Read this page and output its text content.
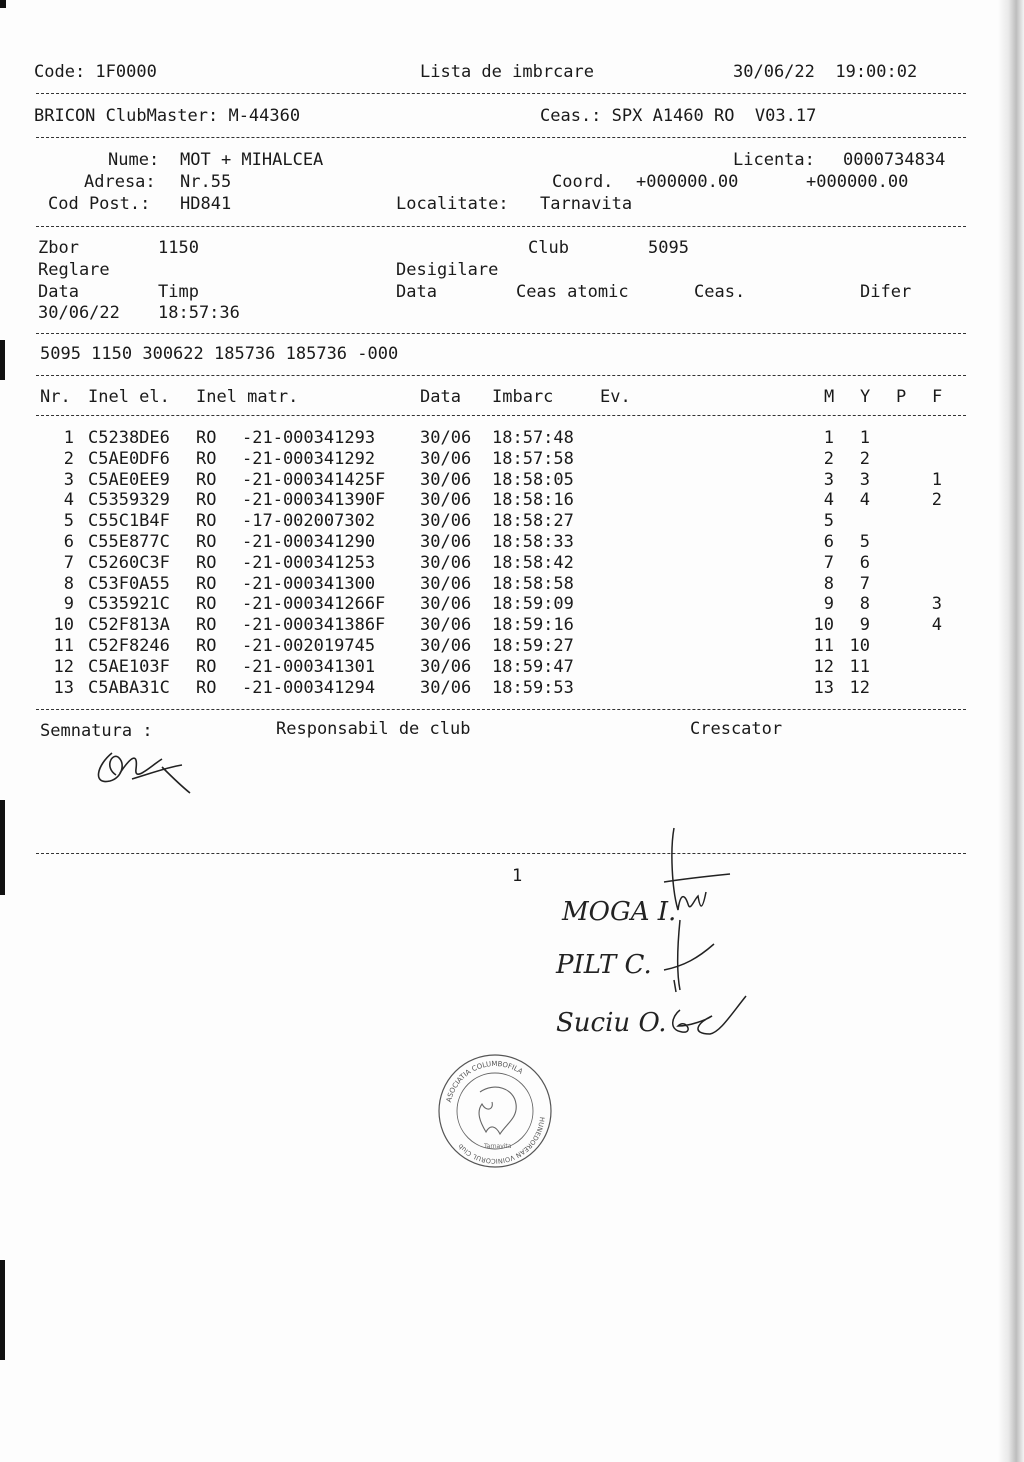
Code: 1F0000	Lista de imbrcare	30/06/22  19:00:02
BRICON ClubMaster: M-44360	Ceas.: SPX A1460 RO  V03.17
Nume: MOT + MIHALCEA	Licenta: 0000734834
Adresa: Nr.55	Coord. +000000.00	+000000.00
Cod Post.: HD841	Localitate: Tarnavita
Zbor	1150	Club	5095
Reglare	Desigilare
Data	Timp	Data	Ceas atomic	Ceas.	Difer
30/06/22 18:57:36
5095 1150 300622 185736 185736 -000
Nr. Inel el. Inel matr.	Data Imbarc	Ev.	M Y P F
1 C5238DE6 RO -21-000341293	30/06 18:57:48	1 1
2 C5AE0DF6 RO -21-000341292	30/06 18:57:58	2 2
3 C5AE0EE9 RO -21-000341425F 30/06 18:58:05	3 3	1
4 C5359329 RO -21-000341390F 30/06 18:58:16	4 4	2
5 C55C1B4F RO -17-002007302	30/06 18:58:27	5
6 C55E877C RO -21-000341290	30/06 18:58:33	6 5
7 C5260C3F RO -21-000341253	30/06 18:58:42	7 6
8 C53F0A55 RO -21-000341300	30/06 18:58:58	8 7
9 C535921C RO -21-000341266F 30/06 18:59:09	9 8	3
10 C52F813A RO -21-000341386F 30/06 18:59:16	10 9	4
11 C52F8246 RO -21-002019745	30/06 18:59:27	11 10
12 C5AE103F RO -21-000341301	30/06 18:59:47	12 11
13 C5ABA31C RO -21-000341294	30/06 18:59:53	13 12
Semnatura :	Responsabil de club	Crescator
1
MOGA I.
PILT C.
Suciu O.
ASOCIATIA COLUMBOFILA
HUNEDOREAN VOINICORUL Club	Tarnavita
